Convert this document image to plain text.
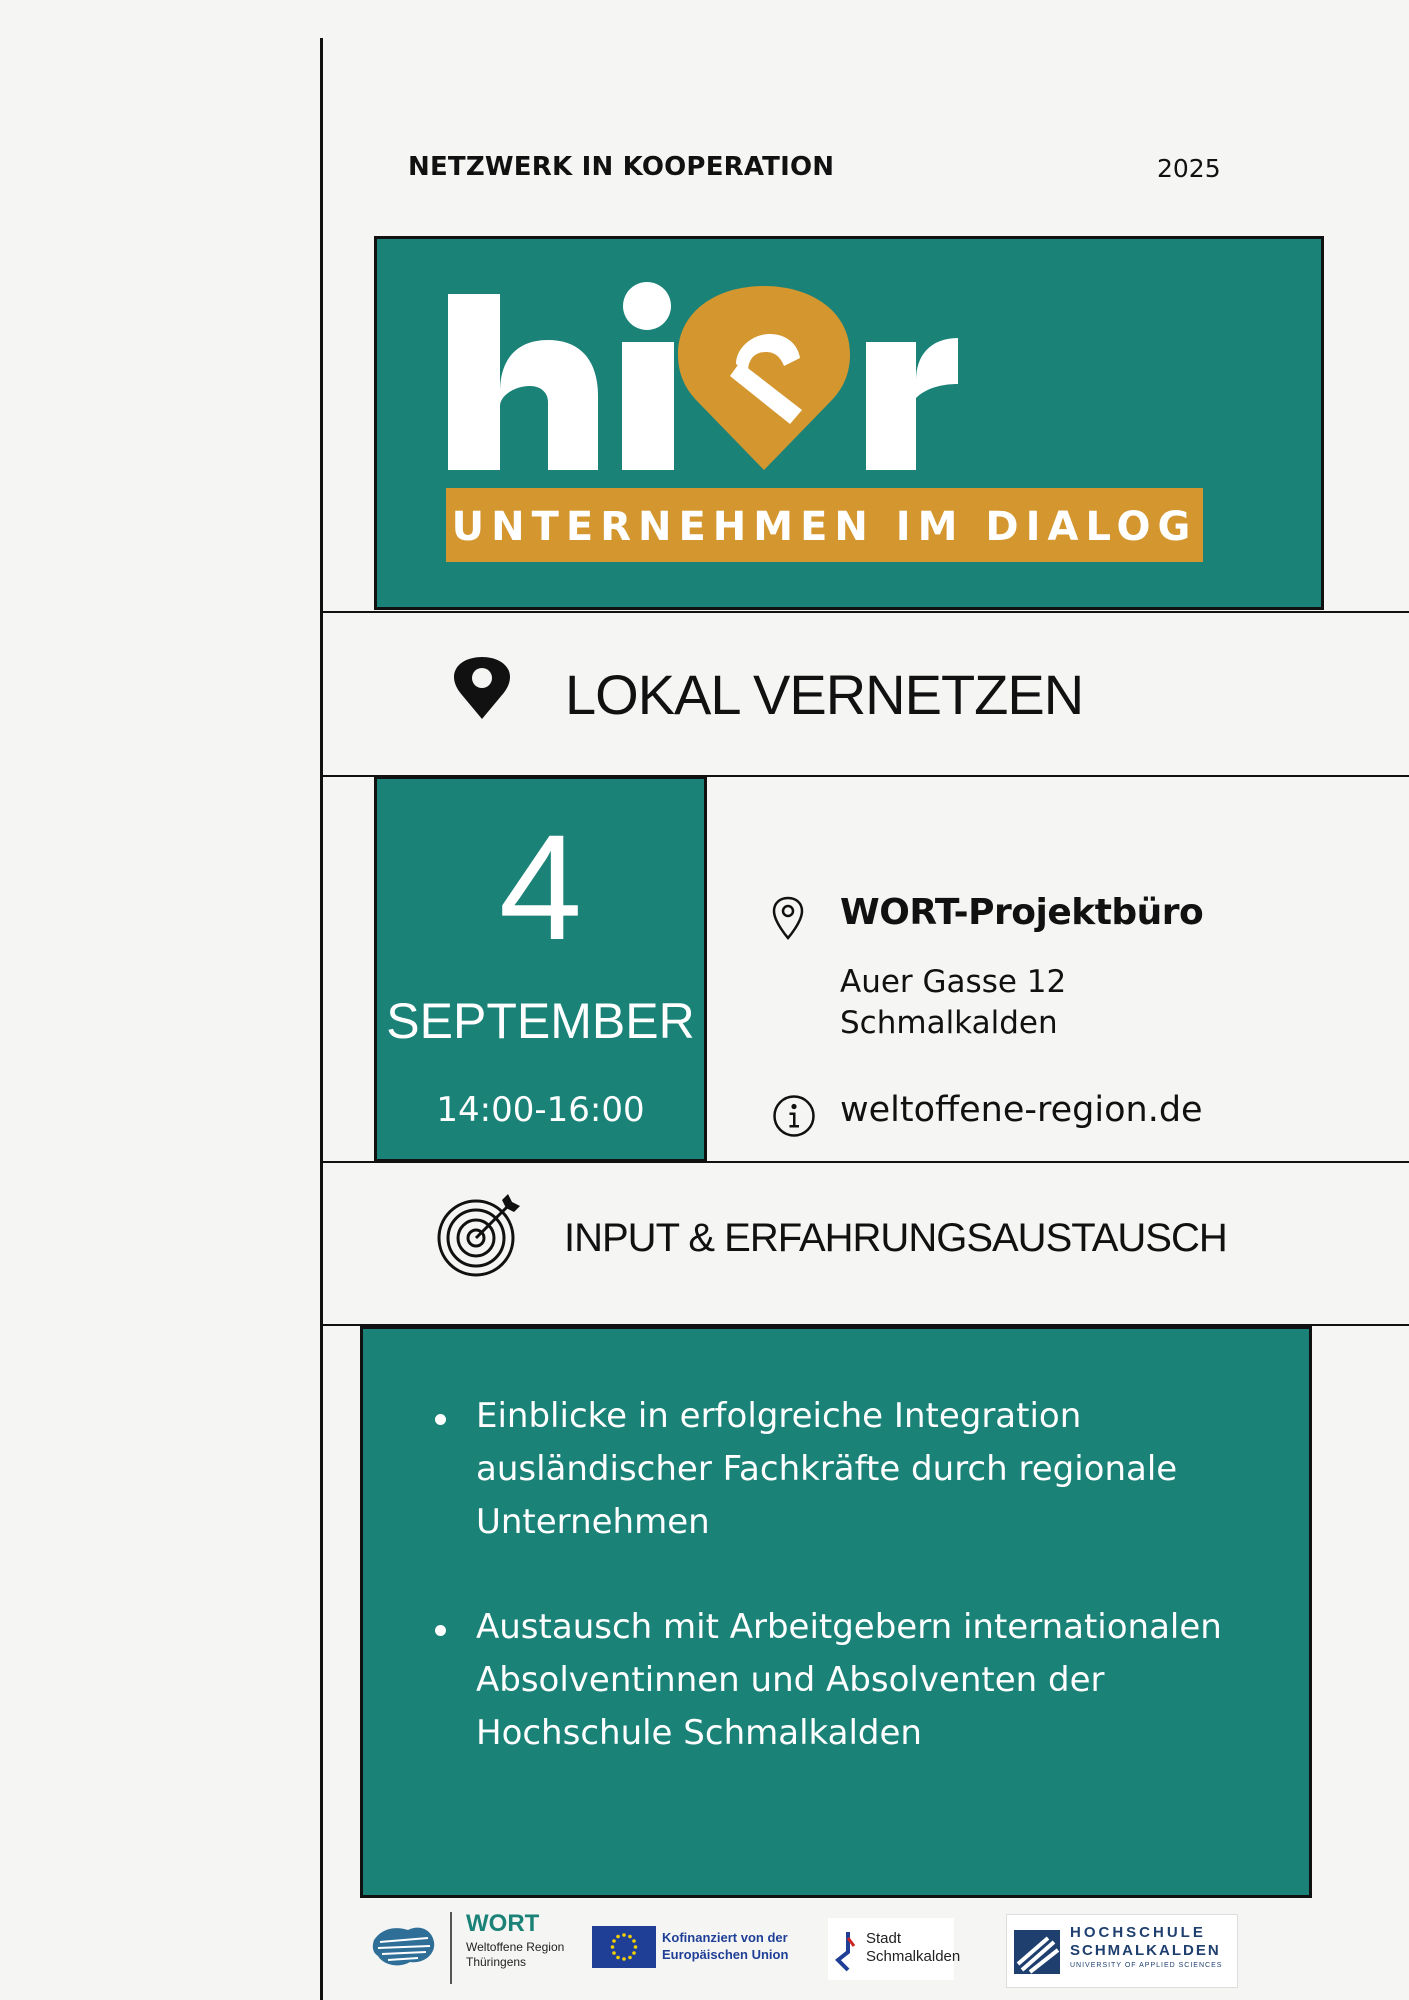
NETZWERK IN KOOPERATION	2025
UNTERNEHMEN IM DIALOG
LOKAL VERNETZEN
4
SEPTEMBER
14:00-16:00
WORT-Projektbüro
Auer Gasse 12
Schmalkalden
weltoffene-region.de
INPUT & ERFAHRUNGSAUSTAUSCH
Einblicke in erfolgreiche Integration ausländischer Fachkräfte durch regionale Unternehmen
Austausch mit Arbeitgebern internationalen Absolventinnen und Absolventen der Hochschule Schmalkalden
WORT
Weltoffene Region
Thüringens
Kofinanziert von der
Europäischen Union
Stadt
Schmalkalden
HOCHSCHULE
SCHMALKALDEN
UNIVERSITY OF APPLIED SCIENCES
